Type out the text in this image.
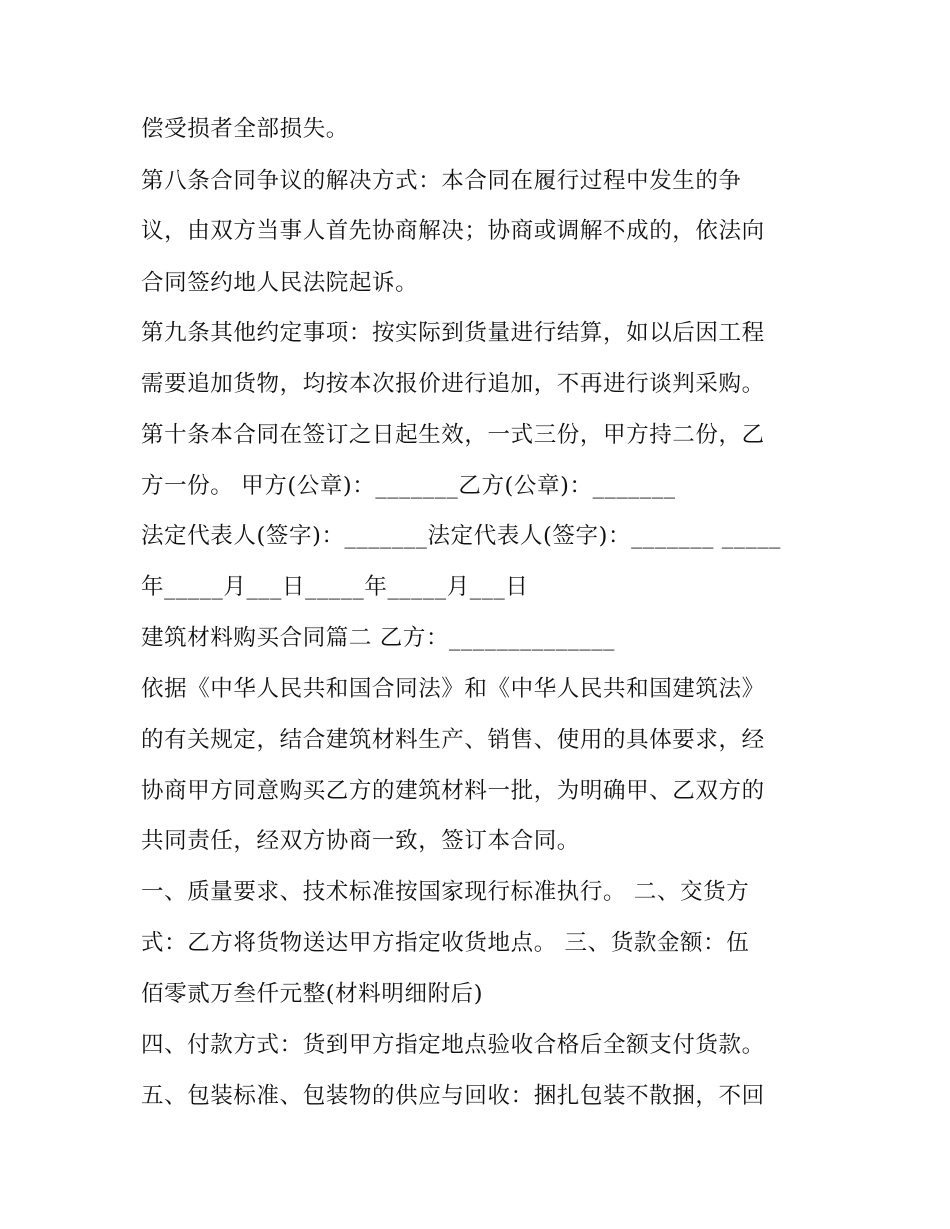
偿受损者全部损失。
第八条合同争议的解决方式：本合同在履行过程中发生的争
议，由双方当事人首先协商解决；协商或调解不成的，依法向
合同签约地人民法院起诉。
第九条其他约定事项：按实际到货量进行结算，如以后因工程
需要追加货物，均按本次报价进行追加，不再进行谈判采购。
第十条本合同在签订之日起生效，一式三份，甲方持二份，乙
方一份。 甲方(公章)：_______乙方(公章)：_______
法定代表人(签字)：_______法定代表人(签字)：_______ _____
年_____月___日_____年_____月___日
建筑材料购买合同篇二 乙方：______________
依据《中华人民共和国合同法》和《中华人民共和国建筑法》
的有关规定，结合建筑材料生产、销售、使用的具体要求，经
协商甲方同意购买乙方的建筑材料一批，为明确甲、乙双方的
共同责任，经双方协商一致，签订本合同。
一、质量要求、技术标准按国家现行标准执行。 二、交货方
式：乙方将货物送达甲方指定收货地点。 三、货款金额：伍
佰零贰万叁仟元整(材料明细附后)
四、付款方式：货到甲方指定地点验收合格后全额支付货款。
五、包装标准、包装物的供应与回收：捆扎包装不散捆，不回
